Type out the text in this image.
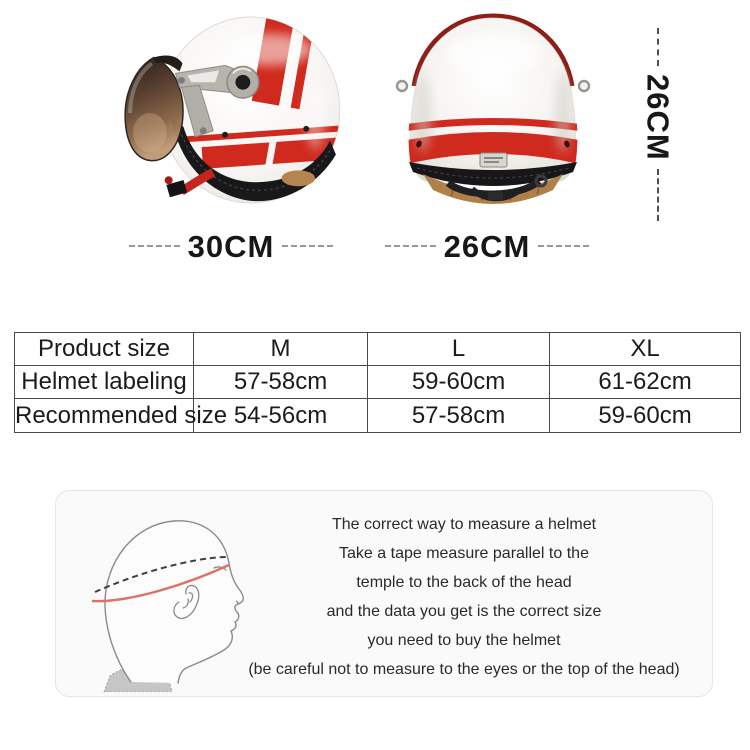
30CM	26CM
26CM
Product size	M	L	XL
Helmet labeling	57-58cm	59-60cm	61-62cm
Recommended size	54-56cm	57-58cm	59-60cm
The correct way to measure a helmet
Take a tape measure parallel to the
temple to the back of the head
and the data you get is the correct size
you need to buy the helmet
(be careful not to measure to the eyes or the top of the head)
